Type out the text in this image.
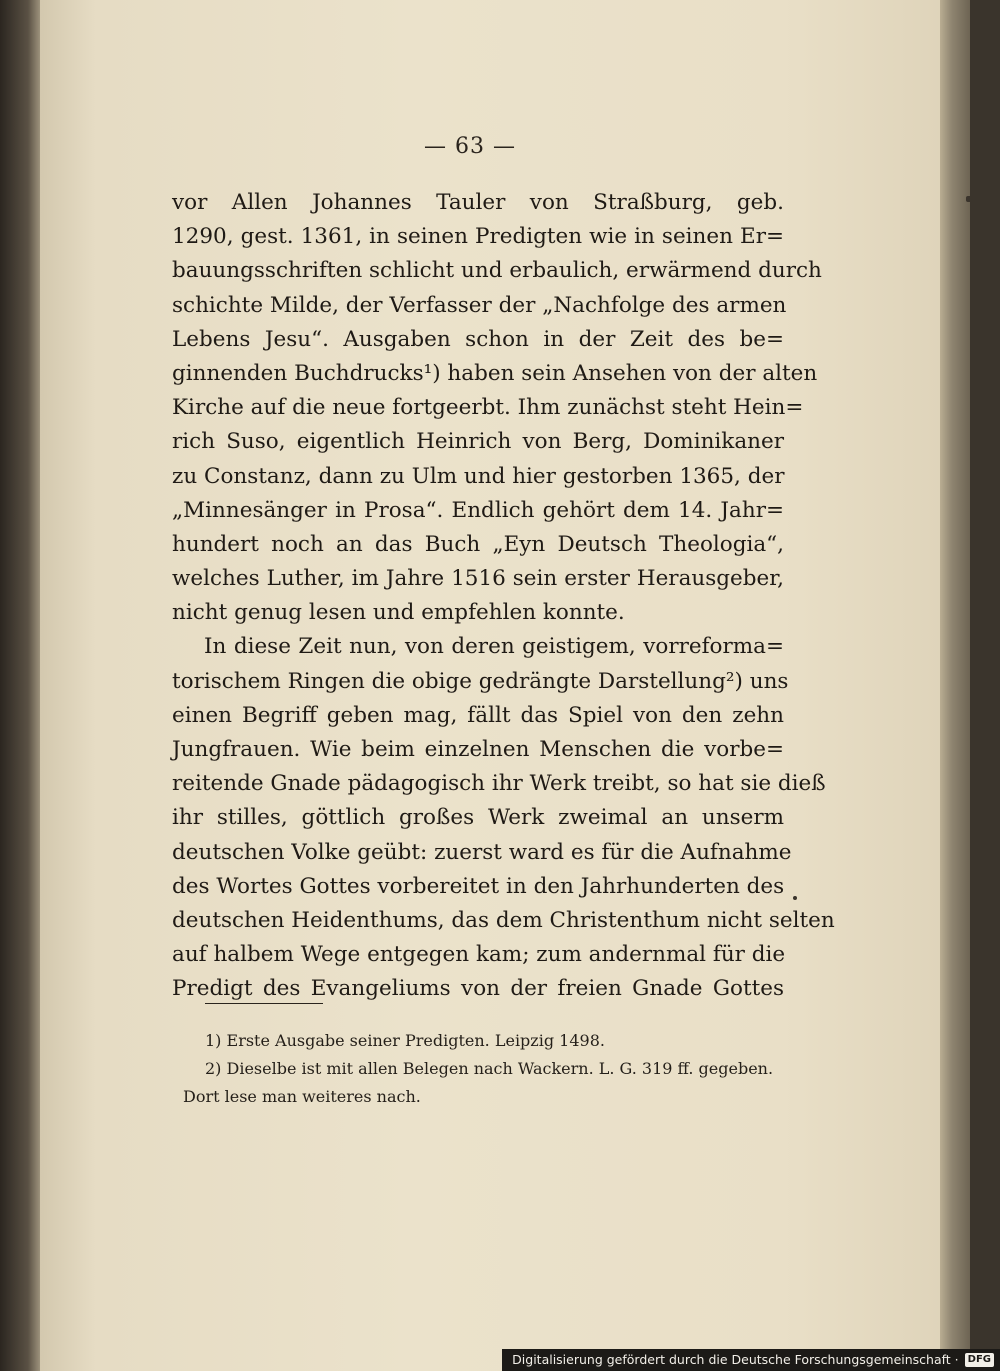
— 63 —
vor Allen Johannes Tauler von Straßburg, geb.
1290, gest. 1361, in seinen Predigten wie in seinen Er=
bauungsschriften schlicht und erbaulich, erwärmend durch
schichte Milde, der Verfasser der „Nachfolge des armen
Lebens Jesu“. Ausgaben schon in der Zeit des be=
ginnenden Buchdrucks¹) haben sein Ansehen von der alten
Kirche auf die neue fortgeerbt. Ihm zunächst steht Hein=
rich Suso, eigentlich Heinrich von Berg, Dominikaner
zu Constanz, dann zu Ulm und hier gestorben 1365, der
„Minnesänger in Prosa“. Endlich gehört dem 14. Jahr=
hundert noch an das Buch „Eyn Deutsch Theologia“,
welches Luther, im Jahre 1516 sein erster Herausgeber,
nicht genug lesen und empfehlen konnte.
In diese Zeit nun, von deren geistigem, vorreforma=
torischem Ringen die obige gedrängte Darstellung²) uns
einen Begriff geben mag, fällt das Spiel von den zehn
Jungfrauen. Wie beim einzelnen Menschen die vorbe=
reitende Gnade pädagogisch ihr Werk treibt, so hat sie dieß
ihr stilles, göttlich großes Werk zweimal an unserm
deutschen Volke geübt: zuerst ward es für die Aufnahme
des Wortes Gottes vorbereitet in den Jahrhunderten des
deutschen Heidenthums, das dem Christenthum nicht selten
auf halbem Wege entgegen kam; zum andernmal für die
Predigt des Evangeliums von der freien Gnade Gottes
1) Erste Ausgabe seiner Predigten. Leipzig 1498.
2) Dieselbe ist mit allen Belegen nach Wackern. L. G. 319 ff. gegeben.
Dort lese man weiteres nach.
Digitalisierung gefördert durch die Deutsche Forschungsgemeinschaft · DFG
